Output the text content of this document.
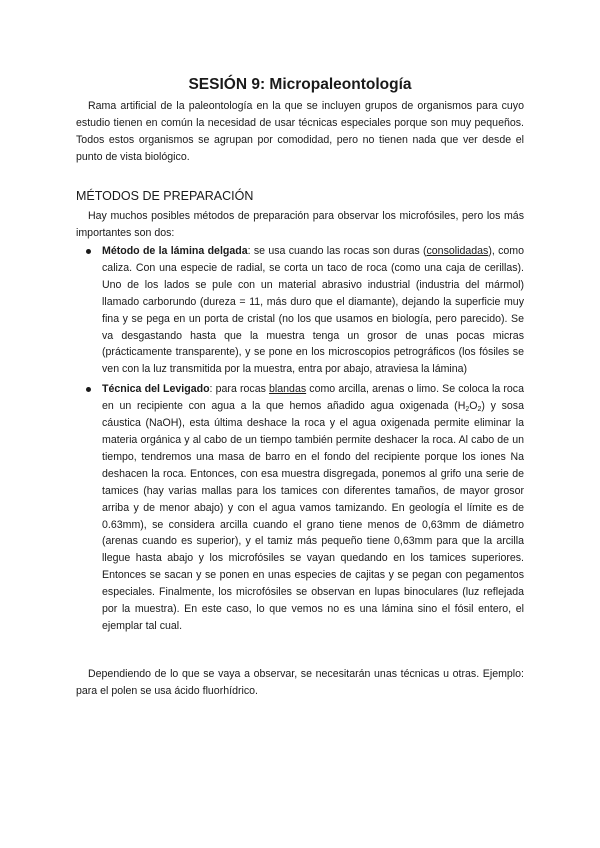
SESIÓN 9: Micropaleontología

Rama artificial de la paleontología en la que se incluyen grupos de organismos para cuyo estudio tienen en común la necesidad de usar técnicas especiales porque son muy pequeños. Todos estos organismos se agrupan por comodidad, pero no tienen nada que ver desde el punto de vista biológico.

MÉTODOS DE PREPARACIÓN

Hay muchos posibles métodos de preparación para observar los microfósiles, pero los más importantes son dos:

Método de la lámina delgada: se usa cuando las rocas son duras (consolidadas), como caliza. Con una especie de radial, se corta un taco de roca (como una caja de cerillas). Uno de los lados se pule con un material abrasivo industrial (industria del mármol) llamado carborundo (dureza = 11, más duro que el diamante), dejando la superficie muy fina y se pega en un porta de cristal (no los que usamos en biología, pero parecido). Se va desgastando hasta que la muestra tenga un grosor de unas pocas micras (prácticamente transparente), y se pone en los microscopios petrográficos (los fósiles se ven con la luz transmitida por la muestra, entra por abajo, atraviesa la lámina)
Técnica del Levigado: para rocas blandas como arcilla, arenas o limo. Se coloca la roca en un recipiente con agua a la que hemos añadido agua oxigenada $(H_2O_2)$ y sosa cáustica (NaOH), esta última deshace la roca y el agua oxigenada permite eliminar la materia orgánica y al cabo de un tiempo también permite deshacer la roca. Al cabo de un tiempo, tendremos una masa de barro en el fondo del recipiente porque los iones Na deshacen la roca. Entonces, con esa muestra disgregada, ponemos al grifo una serie de tamices (hay varias mallas para los tamices con diferentes tamaños, de mayor grosor arriba y de menor abajo) y con el agua vamos tamizando. En geología el límite es de 0.63mm), se considera arcilla cuando el grano tiene menos de 0,63mm de diámetro (arenas cuando es superior), y el tamiz más pequeño tiene 0,63mm para que la arcilla llegue hasta abajo y los microfósiles se vayan quedando en los tamices superiores. Entonces se sacan y se ponen en unas especies de cajitas y se pegan con pegamentos especiales. Finalmente, los microfósiles se observan en lupas binoculares (luz reflejada por la muestra). En este caso, lo que vemos no es una lámina sino el fósil entero, el ejemplar tal cual.

Dependiendo de lo que se vaya a observar, se necesitarán unas técnicas u otras. Ejemplo: para el polen se usa ácido fluorhídrico.
